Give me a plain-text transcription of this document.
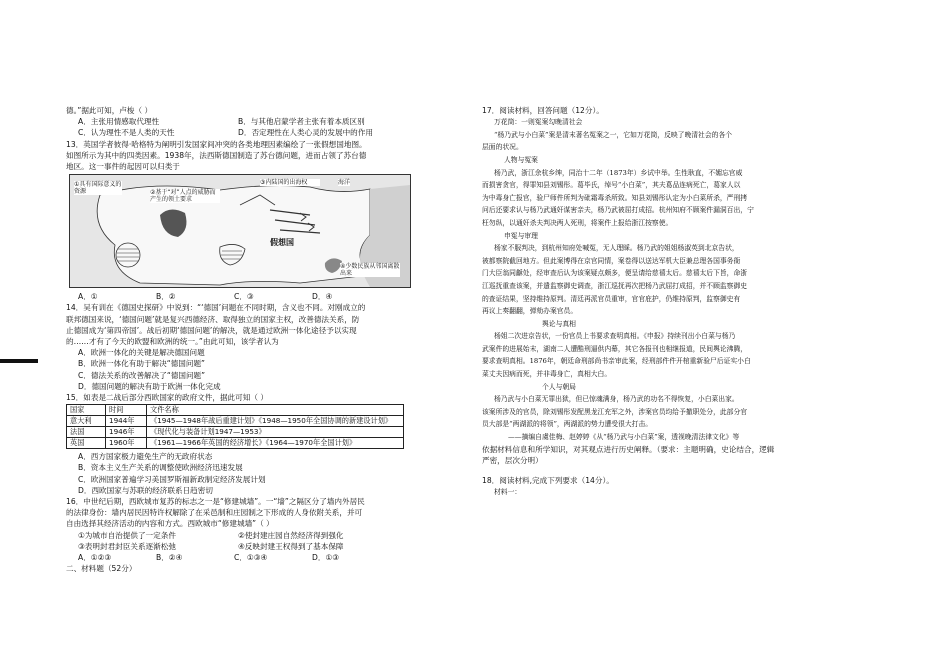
德。”据此可知，卢梭（ ）
A．主张用情感取代理性	B．与其他启蒙学者主张有着本质区别
C．认为理性不是人类的天性	D．否定理性在人类心灵的发展中的作用
13．英国学者彼得·哈格特为阐明引发国家间冲突的各类地理因素编绘了一张假想国地图。
如图所示为其中的四类因素。1938年，法西斯德国制造了苏台德问题，进而占领了苏台德
地区。这一事件的起因可以归类于
①具有国际意义的资源	②基于“对”人点的威胁而产生的领土要求
③内陆国的出海权	海洋
假想国
④少数民族从邻国离散出来
A．①	B．②	C．③	D．④
14．吴有训在《德国史探研》中说到：“‘德国’问题在不同时期，含义也不同。对刚成立的
联邦德国来说，‘德国问题’就是复兴西德经济、取得独立的国家主权，改善德法关系，防
止德国成为‘第四帝国’。战后初期‘德国问题’的解决，就是通过欧洲一体化途径予以实现
的……才有了今天的欧盟和欧洲的统一。”由此可知，该学者认为
A．欧洲一体化的关键是解决德国问题
B．欧洲一体化有助于解决“德国问题”
C．德法关系的改善解决了“德国问题”
D．德国问题的解决有助于欧洲一体化完成
15．如表是二战后部分西欧国家的政府文件，据此可知（ ）
国家	时间	文件名称
意大利	1944年	《1945—1948年战后重建计划》《1948—1950年全国协调的新建设计划》
法国	1946年	《现代化与装备计划1947—1953》
英国	1960年	《1961—1966年英国的经济增长》《1964—1970年全国计划》
A．西方国家极力避免生产的无政府状态
B．资本主义生产关系的调整使欧洲经济迅速发展
C．欧洲国家普遍学习美国罗斯福新政制定经济发展计划
D．西欧国家与苏联的经济联系日趋密切
16．中世纪后期，西欧城市复苏的标志之一是“修建城墙”。一“墙”之隔区分了墙内外居民
的法律身份：墙内居民因特许权解除了在采邑制和庄园制之下形成的人身依附关系，并可
自由选择其经济活动的内容和方式。西欧城市“修建城墙”（ ）
①为城市自治提供了一定条件	②使封建庄园自然经济得到强化
③表明封君封臣关系逐渐松弛	④反映封建王权得到了基本保障
A．①②③	B．②④	C．①③④	D．①③
二、材料题（52分）
17．阅读材料，回答问题（12分）。
万花筒：一则冤案勾晚清社会
“杨乃武与小白菜”案是清末著名冤案之一，它如万花筒，反映了晚清社会的各个
层面的状况。
人物与冤案
杨乃武，浙江余杭乡绅，同治十二年（1873年）乡试中举。生性耿直，不媚忘官威
而损害贪官，得罪知县刘锡彤。葛毕氏，绰号“小白菜”，其夫葛品连病死亡，葛家人以
为中毒身亡报官，验尸师件所判为砒霜毒杀所致。知县刘锡彤认定为小白菜所杀，严刑拷
问后还要求认与杨乃武通奸谋害亲夫，杨乃武被屈打成招。杭州知府不顾案件漏洞百出，宁
枉勿纵，以通奸杀夫判决两人死刑，将案件上报给浙江按察使。
申冤与审理
杨家不服判决，到杭州知府处喊冤，无人理睬。杨乃武的姐姐杨淑英到北京告状，
被都察院截回地方。但此案博得在京官同情，案卷得以送达军机大臣兼总理各国事务衙
门大臣翁同龢处，经审查后认为该案疑点颇多，便呈请给慈禧太后。慈禧太后下旨，命浙
江巡抚重查该案，并遣监察御史调查，浙江巡抚再次把杨乃武屈打成招，并不顾监察御史
的查证结果，坚持维持原判。清廷再派官员重审，官官庇护，仍维持原判，监察御史有
再议上奏翻翻，弹劾办案官员。
舆论与真相
杨姐二次进京告状，一份官员上书要求查明真相。《申报》持续刊出小白菜与杨乃
武案件的进展始末，湖南二人遭酷刑逼供内幕，其它各报刊也相继报道，民间舆论沸腾，
要求查明真相。1876年，朝廷命刑部尚书亲审此案，经刑部件件开棺重新验尸后证实小白
菜丈夫因病而死，并非毒身亡，真相大白。
个人与朝局
杨乃武与小白菜无罪出狱，但已惊魂满身，杨乃武的功名不得恢复，小白菜出家。
该案所涉及的官员，除刘锡彤发配黑龙江充军之外，涉案官员均给予撤职处分，此部分官
员大部是“两湖派的将领”，两湖派的势力遭受很大打击。
——摘编自虞佳梅、赵婷婷《从“杨乃武与小白菜”案，透视晚清法律文化》等
依据材料信息和所学知识，对其观点进行历史阐释。（要求：主题明确，史论结合，逻辑
严密，层次分明）
18．阅读材料,完成下列要求（14分）。
材料一：
